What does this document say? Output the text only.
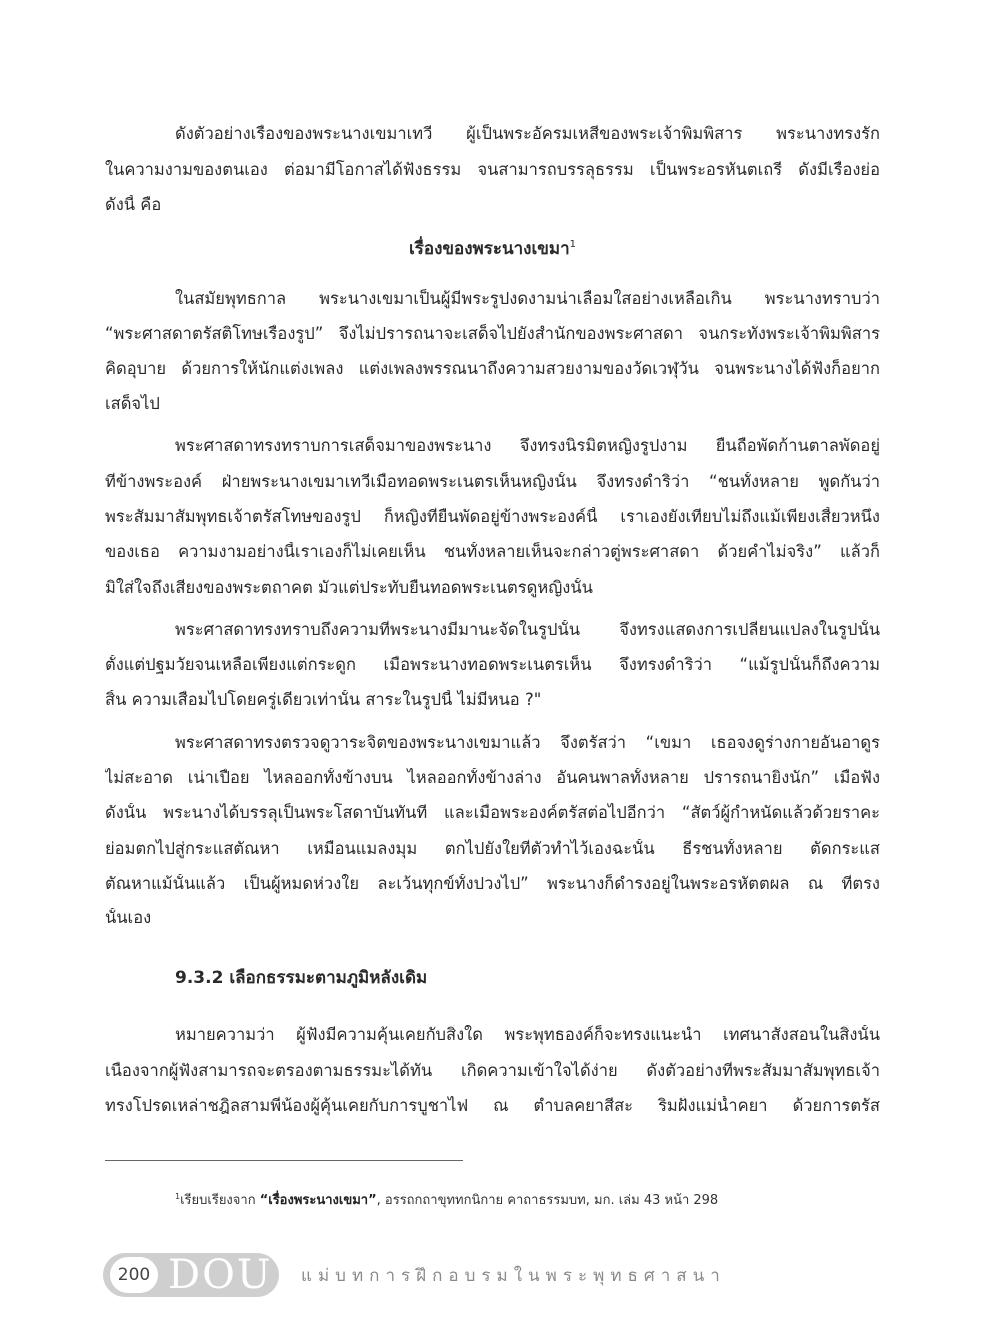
ดังตัวอย่างเรื่องของพระนางเขมาเทวี ผู้เป็นพระอัครมเหสีของพระเจ้าพิมพิสาร พระนางทรงรัก
ในความงามของตนเอง ต่อมามีโอกาสได้ฟังธรรม จนสามารถบรรลุธรรม เป็นพระอรหันตเถรี ดังมีเรื่องย่อ
ดังนี้ คือ
เรื่องของพระนางเขมา$^1$
ในสมัยพุทธกาล พระนางเขมาเป็นผู้มีพระรูปงดงามน่าเลื่อมใสอย่างเหลือเกิน พระนางทราบว่า
“พระศาสดาตรัสติโทษเรื่องรูป” จึงไม่ปรารถนาจะเสด็จไปยังสำนักของพระศาสดา จนกระทั่งพระเจ้าพิมพิสาร
คิดอุบาย ด้วยการให้นักแต่งเพลง แต่งเพลงพรรณนาถึงความสวยงามของวัดเวฬุวัน จนพระนางได้ฟังก็อยาก
เสด็จไป
พระศาสดาทรงทราบการเสด็จมาของพระนาง จึงทรงนิรมิตหญิงรูปงาม ยืนถือพัดก้านตาลพัดอยู่
ที่ข้างพระองค์ ฝ่ายพระนางเขมาเทวีเมื่อทอดพระเนตรเห็นหญิงนั้น จึงทรงดำริว่า “ชนทั้งหลาย พูดกันว่า
พระสัมมาสัมพุทธเจ้าตรัสโทษของรูป ก็หญิงที่ยืนพัดอยู่ข้างพระองค์นี้ เราเองยังเทียบไม่ถึงแม้เพียงเสี้ยวหนึ่ง
ของเธอ ความงามอย่างนี้เราเองก็ไม่เคยเห็น ชนทั้งหลายเห็นจะกล่าวตู่พระศาสดา ด้วยคำไม่จริง” แล้วก็
มิใส่ใจถึงเสียงของพระตถาคต มัวแต่ประทับยืนทอดพระเนตรดูหญิงนั้น
พระศาสดาทรงทราบถึงความที่พระนางมีมานะจัดในรูปนั้น จึงทรงแสดงการเปลี่ยนแปลงในรูปนั้น
ตั้งแต่ปฐมวัยจนเหลือเพียงแต่กระดูก เมื่อพระนางทอดพระเนตรเห็น จึงทรงดำริว่า “แม้รูปนั้นก็ถึงความ
สิ้น ความเสื่อมไปโดยครู่เดียวเท่านั้น สาระในรูปนี้ ไม่มีหนอ ?"
พระศาสดาทรงตรวจดูวาระจิตของพระนางเขมาแล้ว จึงตรัสว่า “เขมา เธอจงดูร่างกายอันอาดูร
ไม่สะอาด เน่าเปื่อย ไหลออกทั้งข้างบน ไหลออกทั้งข้างล่าง อันคนพาลทั้งหลาย ปรารถนายิ่งนัก” เมื่อฟัง
ดังนั้น พระนางได้บรรลุเป็นพระโสดาบันทันที และเมื่อพระองค์ตรัสต่อไปอีกว่า “สัตว์ผู้กำหนัดแล้วด้วยราคะ
ย่อมตกไปสู่กระแสตัณหา เหมือนแมลงมุม ตกไปยังใยที่ตัวทำไว้เองฉะนั้น ธีรชนทั้งหลาย ตัดกระแส
ตัณหาแม้นั้นแล้ว เป็นผู้หมดห่วงใย ละเว้นทุกข์ทั้งปวงไป” พระนางก็ดำรงอยู่ในพระอรหัตตผล ณ ที่ตรง
นั้นเอง
9.3.2 เลือกธรรมะตามภูมิหลังเดิม
หมายความว่า ผู้ฟังมีความคุ้นเคยกับสิ่งใด พระพุทธองค์ก็จะทรงแนะนำ เทศนาสั่งสอนในสิ่งนั้น
เนื่องจากผู้ฟังสามารถจะตรองตามธรรมะได้ทัน เกิดความเข้าใจได้ง่าย ดังตัวอย่างที่พระสัมมาสัมพุทธเจ้า
ทรงโปรดเหล่าชฎิลสามพี่น้องผู้คุ้นเคยกับการบูชาไฟ ณ ตำบลคยาสีสะ ริมฝั่งแม่น้ำคยา ด้วยการตรัส
$^1$เรียบเรียงจาก “เรื่องพระนางเขมา”, อรรถกถาขุททกนิกาย คาถาธรรมบท, มก. เล่ม 43 หน้า 298
200 DOU แม่บทการฝึกอบรมในพระพุทธศาสนา
